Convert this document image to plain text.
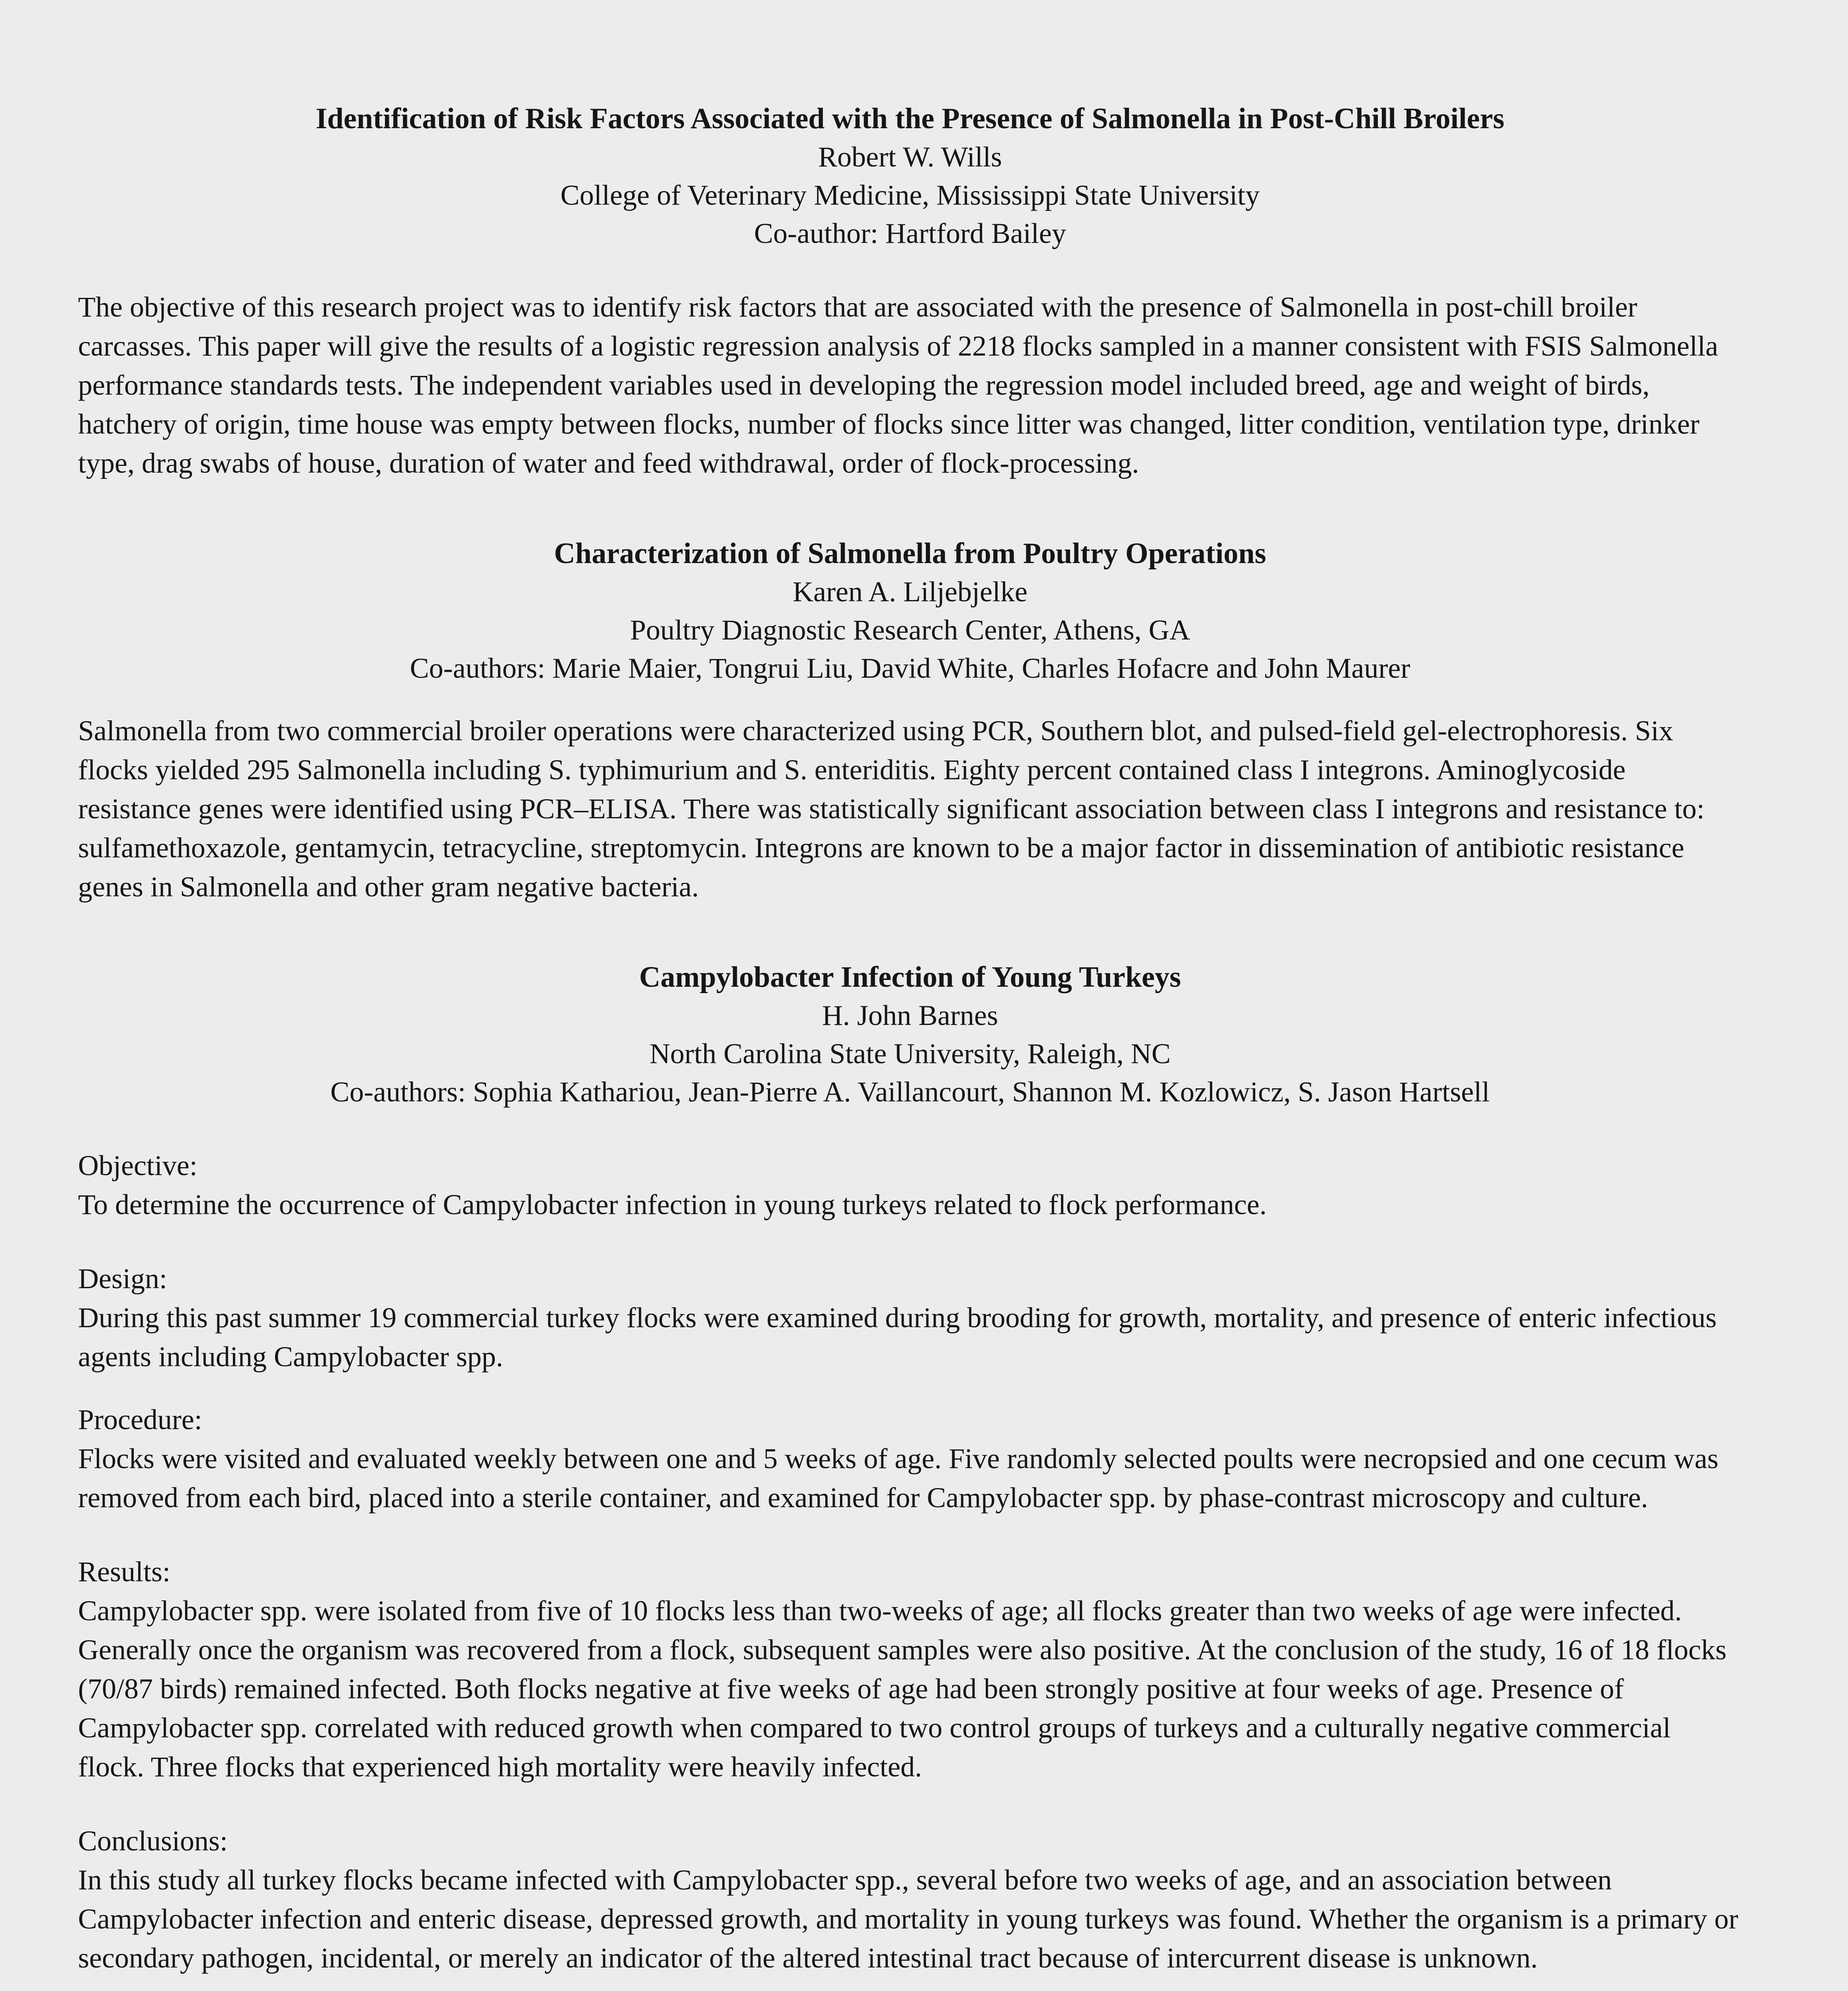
Identification of Risk Factors Associated with the Presence of Salmonella in Post-Chill Broilers

Robert W. Wills

College of Veterinary Medicine, Mississippi State University

Co-author: Hartford Bailey

The objective of this research project was to identify risk factors that are associated with the presence of Salmonella in post-chill broiler carcasses. This paper will give the results of a logistic regression analysis of 2218 flocks sampled in a manner consistent with FSIS Salmonella performance standards tests. The independent variables used in developing the regression model included breed, age and weight of birds, hatchery of origin, time house was empty between flocks, number of flocks since litter was changed, litter condition, ventilation type, drinker type, drag swabs of house, duration of water and feed withdrawal, order of flock-processing.

Characterization of Salmonella from Poultry Operations

Karen A. Liljebjelke

Poultry Diagnostic Research Center, Athens, GA

Co-authors: Marie Maier, Tongrui Liu, David White, Charles Hofacre and John Maurer

Salmonella from two commercial broiler operations were characterized using PCR, Southern blot, and pulsed-field gel-electrophoresis. Six flocks yielded 295 Salmonella including S. typhimurium and S. enteriditis. Eighty percent contained class I integrons. Aminoglycoside resistance genes were identified using PCR–ELISA. There was statistically significant association between class I integrons and resistance to: sulfamethoxazole, gentamycin, tetracycline, streptomycin. Integrons are known to be a major factor in dissemination of antibiotic resistance genes in Salmonella and other gram negative bacteria.

Campylobacter Infection of Young Turkeys

H. John Barnes

North Carolina State University, Raleigh, NC

Co-authors: Sophia Kathariou, Jean-Pierre A. Vaillancourt, Shannon M. Kozlowicz, S. Jason Hartsell

Objective:

To determine the occurrence of Campylobacter infection in young turkeys related to flock performance.

Design:

During this past summer 19 commercial turkey flocks were examined during brooding for growth, mortality, and presence of enteric infectious agents including Campylobacter spp.

Procedure:

Flocks were visited and evaluated weekly between one and 5 weeks of age. Five randomly selected poults were necropsied and one cecum was removed from each bird, placed into a sterile container, and examined for Campylobacter spp. by phase-contrast microscopy and culture.

Results:

Campylobacter spp. were isolated from five of 10 flocks less than two-weeks of age; all flocks greater than two weeks of age were infected. Generally once the organism was recovered from a flock, subsequent samples were also positive. At the conclusion of the study, 16 of 18 flocks (70/87 birds) remained infected. Both flocks negative at five weeks of age had been strongly positive at four weeks of age. Presence of Campylobacter spp. correlated with reduced growth when compared to two control groups of turkeys and a culturally negative commercial flock. Three flocks that experienced high mortality were heavily infected.

Conclusions:

In this study all turkey flocks became infected with Campylobacter spp., several before two weeks of age, and an association between Campylobacter infection and enteric disease, depressed growth, and mortality in young turkeys was found. Whether the organism is a primary or secondary pathogen, incidental, or merely an indicator of the altered intestinal tract because of intercurrent disease is unknown.
